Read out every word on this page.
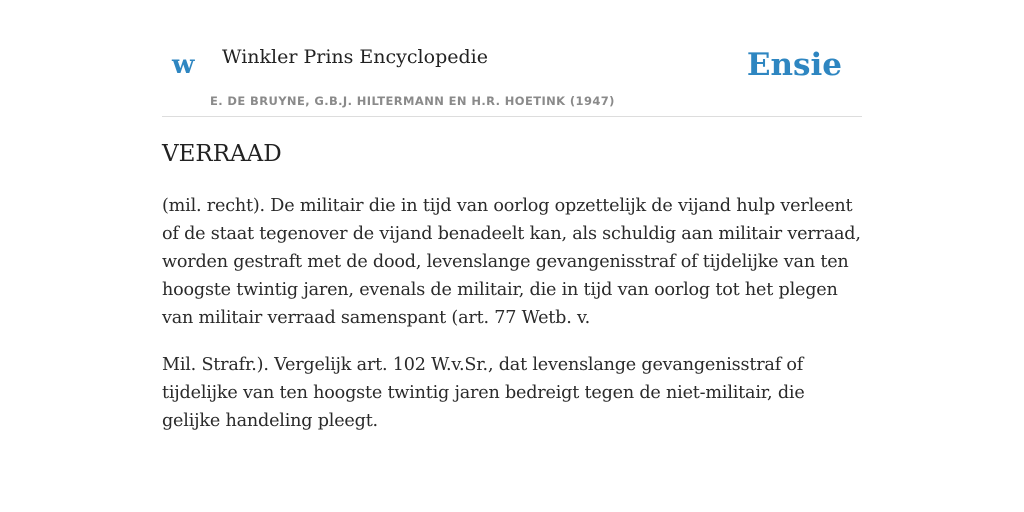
w Winkler Prins Encyclopedie
E. DE BRUYNE, G.B.J. HILTERMANN EN H.R. HOETINK (1947)
Ensie
VERRAAD

(mil. recht). De militair die in tijd van oorlog opzettelijk de vijand hulp verleent of de staat tegenover de vijand benadeelt kan, als schuldig aan militair verraad, worden gestraft met de dood, levenslange gevangenisstraf of tijdelijke van ten hoogste twintig jaren, evenals de militair, die in tijd van oorlog tot het plegen van militair verraad samenspant (art. 77 Wetb. v.

Mil. Strafr.). Vergelijk art. 102 W.v.Sr., dat levenslange gevangenisstraf of tijdelijke van ten hoogste twintig jaren bedreigt tegen de niet-militair, die gelijke handeling pleegt.
